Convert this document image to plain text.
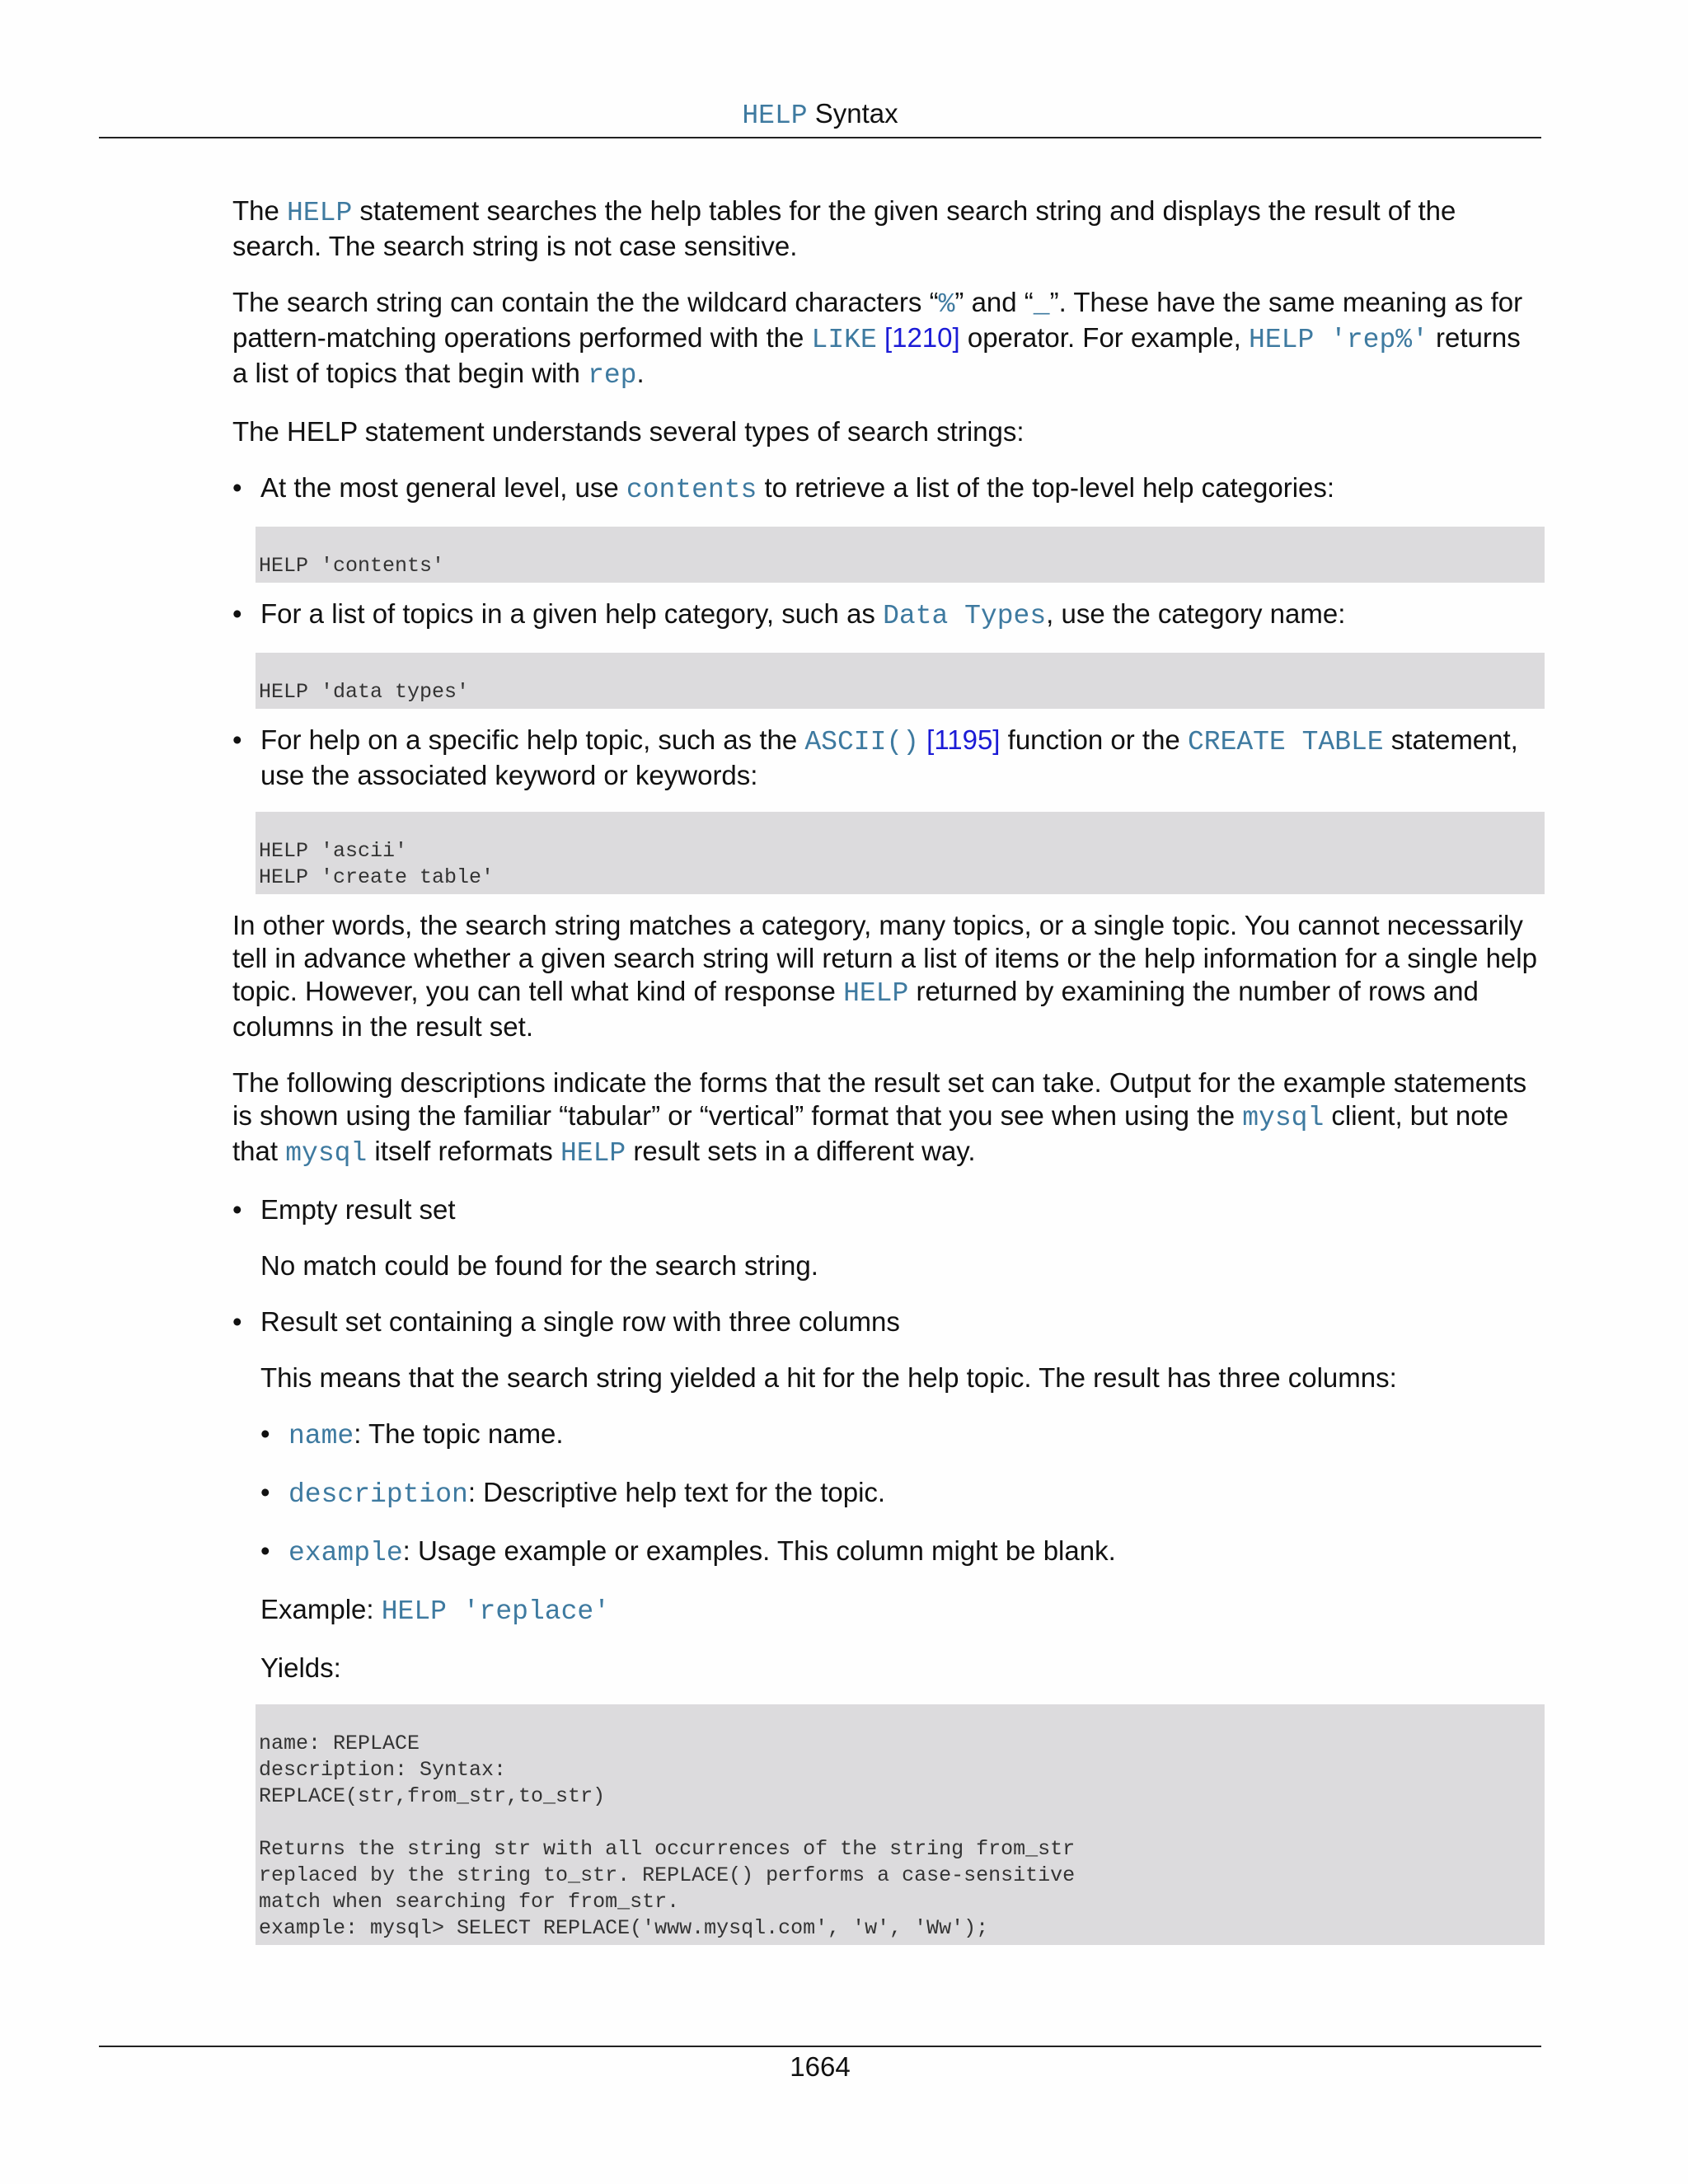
HELP Syntax

The HELP statement searches the help tables for the given search string and displays the result of the search. The search string is not case sensitive.

The search string can contain the the wildcard characters “%” and “_”. These have the same meaning as for pattern-matching operations performed with the LIKE [1210] operator. For example, HELP 'rep%' returns a list of topics that begin with rep.

The HELP statement understands several types of search strings:

• At the most general level, use contents to retrieve a list of the top-level help categories:
HELP 'contents'
• For a list of topics in a given help category, such as Data Types, use the category name:
HELP 'data types'
• For help on a specific help topic, such as the ASCII() [1195] function or the CREATE TABLE statement, use the associated keyword or keywords:
HELP 'ascii'
HELP 'create table'

In other words, the search string matches a category, many topics, or a single topic. You cannot necessarily tell in advance whether a given search string will return a list of items or the help information for a single help topic. However, you can tell what kind of response HELP returned by examining the number of rows and columns in the result set.

The following descriptions indicate the forms that the result set can take. Output for the example statements is shown using the familiar “tabular” or “vertical” format that you see when using the mysql client, but note that mysql itself reformats HELP result sets in a different way.

• Empty result set

No match could be found for the search string.

• Result set containing a single row with three columns

This means that the search string yielded a hit for the help topic. The result has three columns:

• name: The topic name.
• description: Descriptive help text for the topic.
• example: Usage example or examples. This column might be blank.
Example: HELP 'replace'
Yields:
name: REPLACE
description: Syntax:
REPLACE(str,from_str,to_str)

Returns the string str with all occurrences of the string from_str
replaced by the string to_str. REPLACE() performs a case-sensitive
match when searching for from_str.
example: mysql> SELECT REPLACE('www.mysql.com', 'w', 'Ww');
1664
